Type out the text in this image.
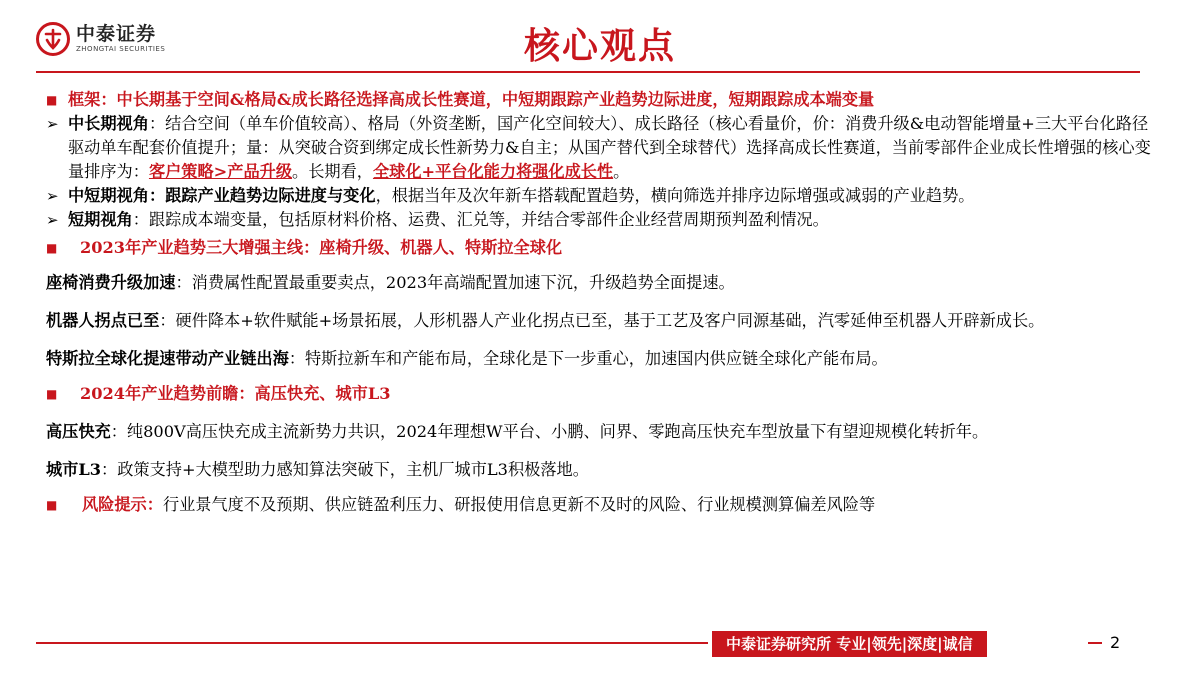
中泰证券
ZHONGTAI SECURITIES	核心观点
■ 框架：中长期基于空间&格局&成长路径选择高成长性赛道，中短期跟踪产业趋势边际进度，短期跟踪成本端变量
➢ 中长期视角：结合空间（单车价值较高）、格局（外资垄断，国产化空间较大）、成长路径（核心看量价，价：消费升级&电动智能增量+三大平台化路径驱动单车配套价值提升；量：从突破合资到绑定成长性新势力&自主；从国产替代到全球替代）选择高成长性赛道，当前零部件企业成长性增强的核心变量排序为：客户策略>产品升级。长期看，全球化+平台化能力将强化成长性。
➢ 中短期视角：跟踪产业趋势边际进度与变化，根据当年及次年新车搭载配置趋势，横向筛选并排序边际增强或减弱的产业趋势。
➢ 短期视角：跟踪成本端变量，包括原材料价格、运费、汇兑等，并结合零部件企业经营周期预判盈利情况。
■	2023年产业趋势三大增强主线：座椅升级、机器人、特斯拉全球化
座椅消费升级加速：消费属性配置最重要卖点，2023年高端配置加速下沉，升级趋势全面提速。
机器人拐点已至：硬件降本+软件赋能+场景拓展，人形机器人产业化拐点已至，基于工艺及客户同源基础，汽零延伸至机器人开辟新成长。
特斯拉全球化提速带动产业链出海：特斯拉新车和产能布局，全球化是下一步重心，加速国内供应链全球化产能布局。
■	2024年产业趋势前瞻：高压快充、城市L3
高压快充：纯800V高压快充成主流新势力共识，2024年理想W平台、小鹏、问界、零跑高压快充车型放量下有望迎规模化转折年。
城市L3：政策支持+大模型助力感知算法突破下，主机厂城市L3积极落地。
■	风险提示：行业景气度不及预期、供应链盈利压力、研报使用信息更新不及时的风险、行业规模测算偏差风险等
中泰证券研究所 专业|领先|深度|诚信	2
